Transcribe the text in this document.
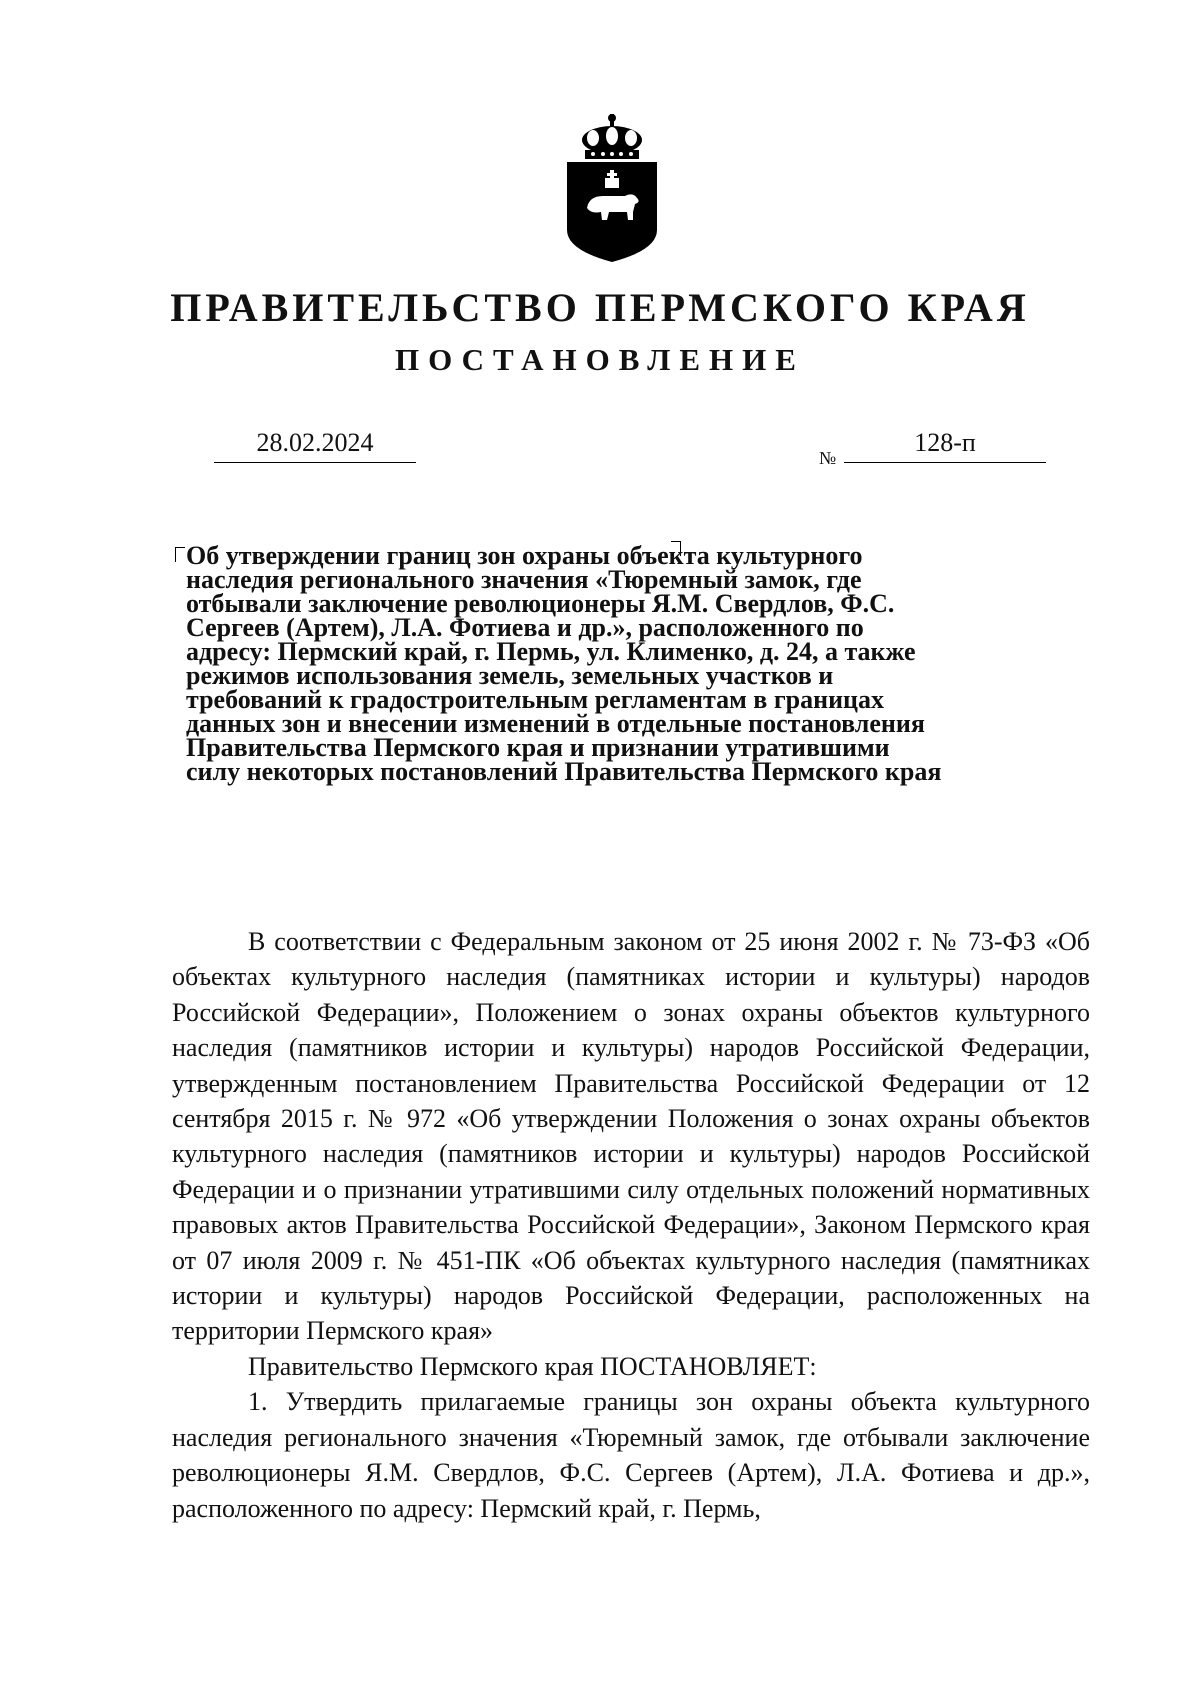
ПРАВИТЕЛЬСТВО ПЕРМСКОГО КРАЯ
ПОСТАНОВЛЕНИЕ
28.02.2024
№
128-п
Об утверждении границ зон охраны объекта культурного наследия регионального значения «Тюремный замок, где отбывали заключение революционеры Я.М. Свердлов, Ф.С. Сергеев (Артем), Л.А. Фотиева и др.», расположенного по адресу: Пермский край, г. Пермь, ул. Клименко, д. 24, а также режимов использования земель, земельных участков и требований к градостроительным регламентам в границах данных зон и внесении изменений в отдельные постановления Правительства Пермского края и признании утратившими силу некоторых постановлений Правительства Пермского края

В соответствии с Федеральным законом от 25 июня 2002 г. № 73-ФЗ «Об объектах культурного наследия (памятниках истории и культуры) народов Российской Федерации», Положением о зонах охраны объектов культурного наследия (памятников истории и культуры) народов Российской Федерации, утвержденным постановлением Правительства Российской Федерации от 12 сентября 2015 г. № 972 «Об утверждении Положения о зонах охраны объектов культурного наследия (памятников истории и культуры) народов Российской Федерации и о признании утратившими силу отдельных положений нормативных правовых актов Правительства Российской Федерации», Законом Пермского края от 07 июля 2009 г. № 451-ПК «Об объектах культурного наследия (памятниках истории и культуры) народов Российской Федерации, расположенных на территории Пермского края»

Правительство Пермского края ПОСТАНОВЛЯЕТ:

1. Утвердить прилагаемые границы зон охраны объекта культурного наследия регионального значения «Тюремный замок, где отбывали заключение революционеры Я.М. Свердлов, Ф.С. Сергеев (Артем), Л.А. Фотиева и др.», расположенного по адресу: Пермский край, г. Пермь,
